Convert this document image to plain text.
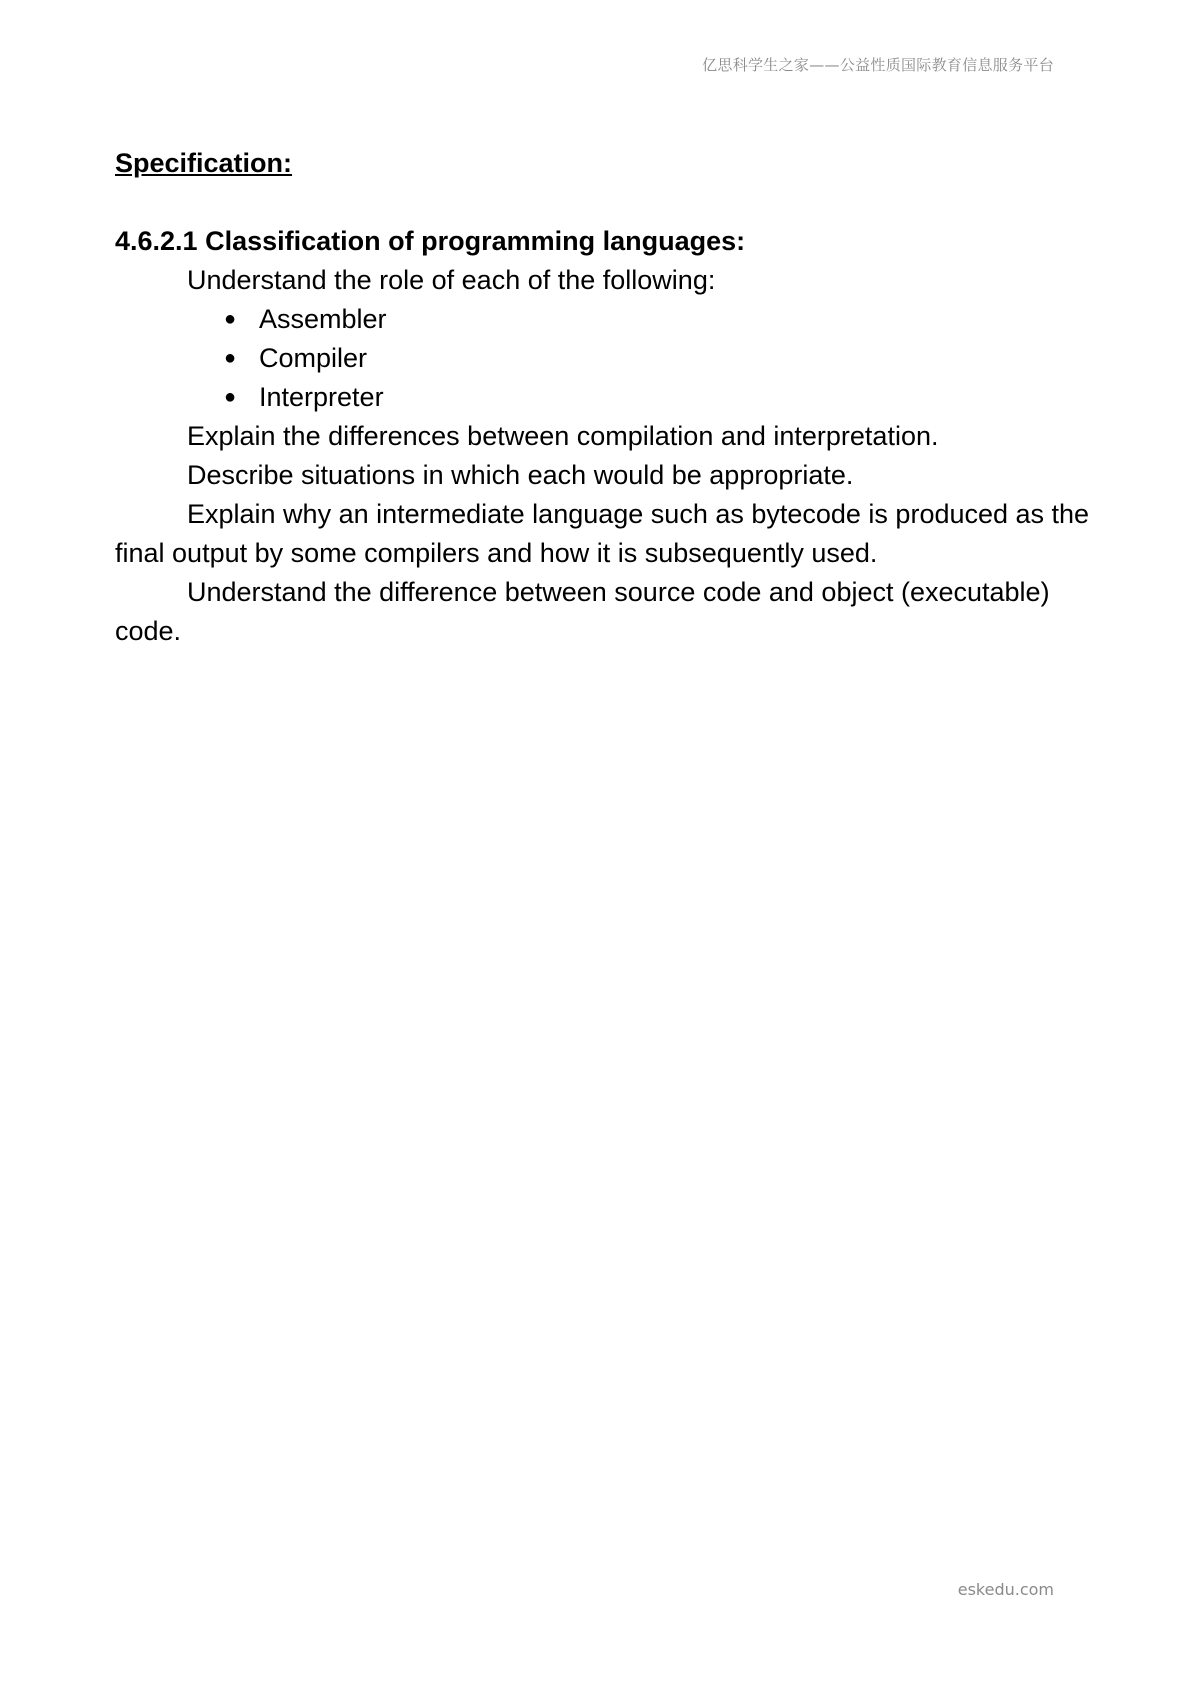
亿思科学生之家——公益性质国际教育信息服务平台
Specification:
4.6.2.1 Classification of programming languages:

Understand the role of each of the following:

● Assembler
● Compiler
● Interpreter

Explain the differences between compilation and interpretation.

Describe situations in which each would be appropriate.

Explain why an intermediate language such as bytecode is produced as the final output by some compilers and how it is subsequently used.

Understand the difference between source code and object (executable) code.

eskedu.com
